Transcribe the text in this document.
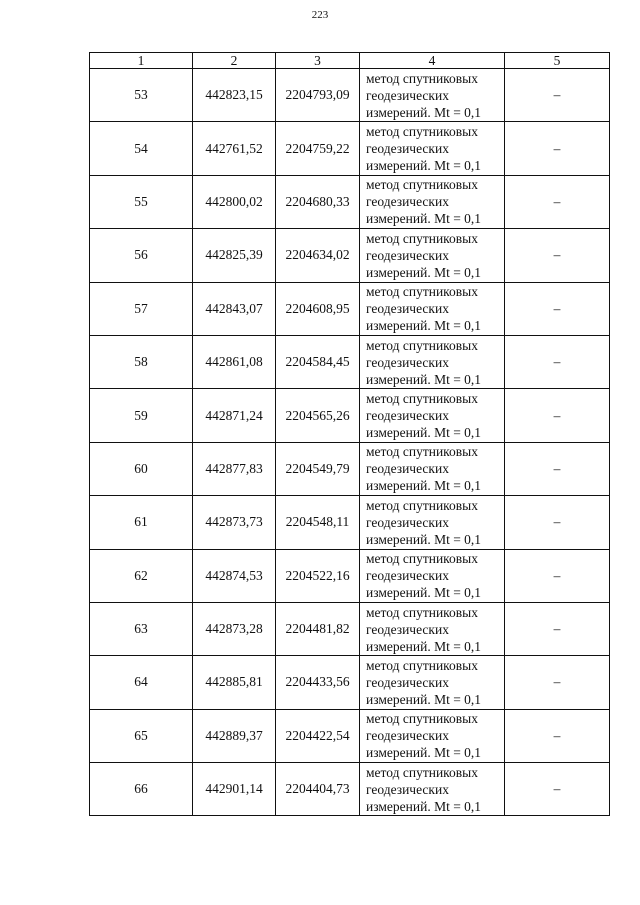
223
1	2	3	4	5
53	442823,15	2204793,09	метод спутниковых
геодезических
измерений. Mt = 0,1	–
54	442761,52	2204759,22	метод спутниковых
геодезических
измерений. Mt = 0,1	–
55	442800,02	2204680,33	метод спутниковых
геодезических
измерений. Mt = 0,1	–
56	442825,39	2204634,02	метод спутниковых
геодезических
измерений. Mt = 0,1	–
57	442843,07	2204608,95	метод спутниковых
геодезических
измерений. Mt = 0,1	–
58	442861,08	2204584,45	метод спутниковых
геодезических
измерений. Mt = 0,1	–
59	442871,24	2204565,26	метод спутниковых
геодезических
измерений. Mt = 0,1	–
60	442877,83	2204549,79	метод спутниковых
геодезических
измерений. Mt = 0,1	–
61	442873,73	2204548,11	метод спутниковых
геодезических
измерений. Mt = 0,1	–
62	442874,53	2204522,16	метод спутниковых
геодезических
измерений. Mt = 0,1	–
63	442873,28	2204481,82	метод спутниковых
геодезических
измерений. Mt = 0,1	–
64	442885,81	2204433,56	метод спутниковых
геодезических
измерений. Mt = 0,1	–
65	442889,37	2204422,54	метод спутниковых
геодезических
измерений. Mt = 0,1	–
66	442901,14	2204404,73	метод спутниковых
геодезических
измерений. Mt = 0,1	–
